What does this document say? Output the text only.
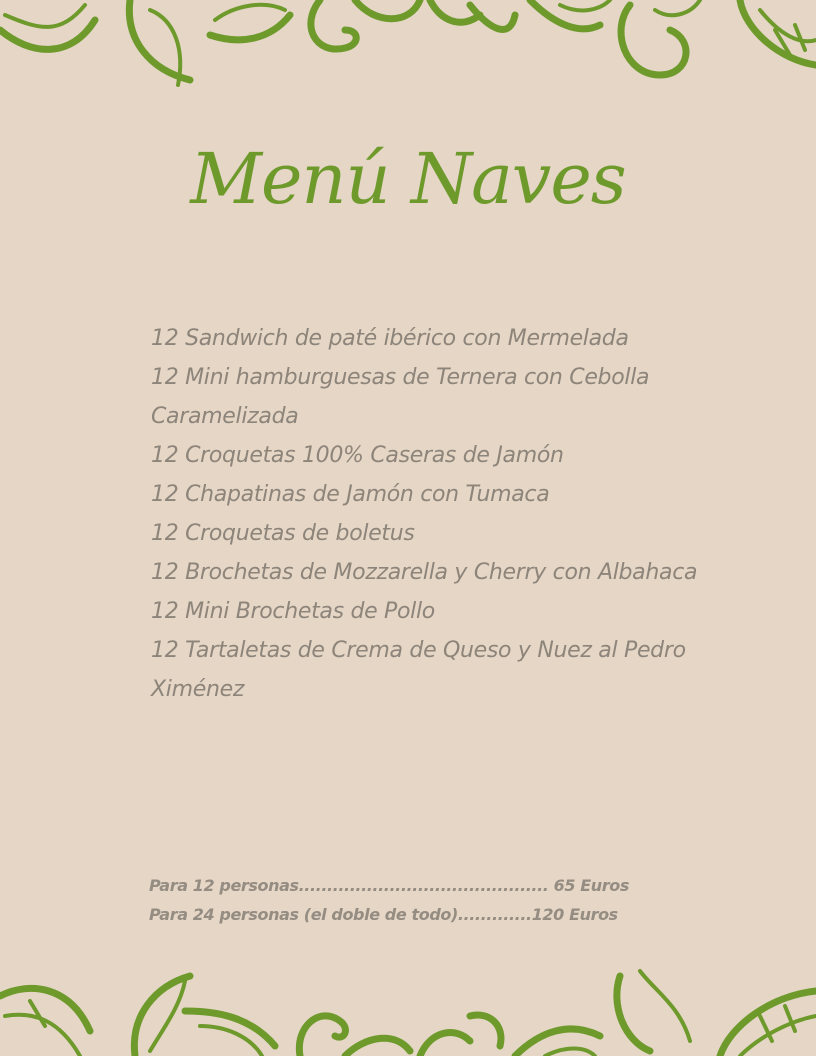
Menú Naves
12 Sandwich de paté ibérico con Mermelada
12 Mini hamburguesas de Ternera con Cebolla
Caramelizada
12 Croquetas 100% Caseras de Jamón
12 Chapatinas de Jamón con Tumaca
12 Croquetas de boletus
12 Brochetas de Mozzarella y Cherry con Albahaca
12 Mini Brochetas de Pollo
12 Tartaletas de Crema de Queso y Nuez al Pedro
Ximénez
Para 12 personas............................................ 65 Euros
Para 24 personas (el doble de todo).............120 Euros
